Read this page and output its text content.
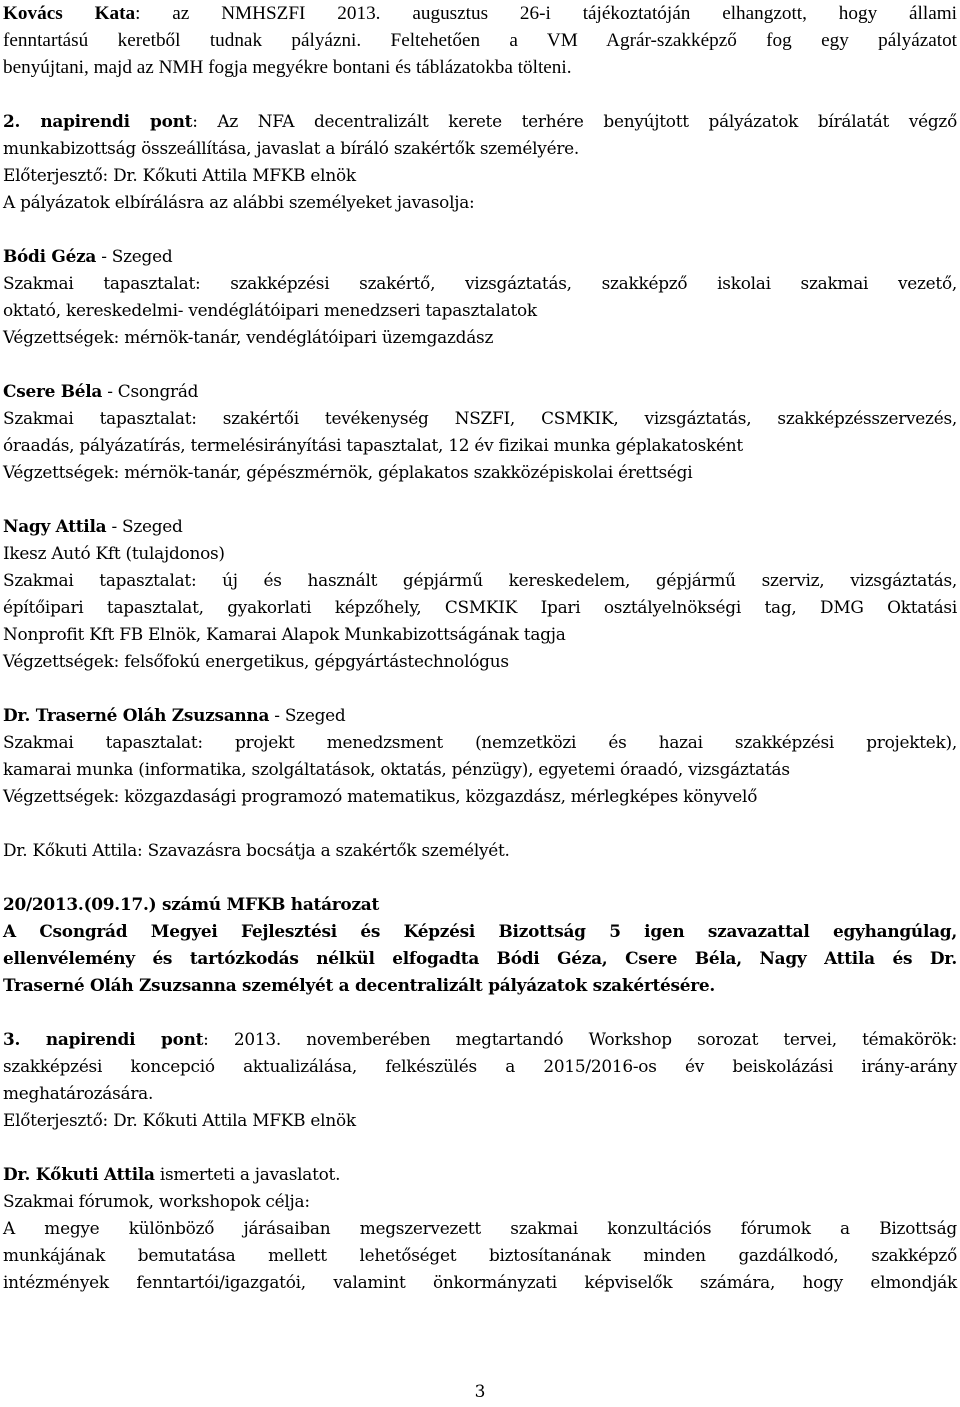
Kovács Kata: az NMHSZFI 2013. augusztus 26-i tájékoztatóján elhangzott, hogy állami

fenntartású keretből tudnak pályázni. Feltehetően a VM Agrár-szakképző fog egy pályázatot

benyújtani, majd az NMH fogja megyékre bontani és táblázatokba tölteni.

2. napirendi pont: Az NFA decentralizált kerete terhére benyújtott pályázatok bírálatát végző

munkabizottság összeállítása, javaslat a bíráló szakértők személyére.

Előterjesztő: Dr. Kőkuti Attila MFKB elnök

A pályázatok elbírálásra az alábbi személyeket javasolja:

Bódi Géza - Szeged

Szakmai tapasztalat: szakképzési szakértő, vizsgáztatás, szakképző iskolai szakmai vezető,

oktató, kereskedelmi- vendéglátóipari menedzseri tapasztalatok

Végzettségek: mérnök-tanár, vendéglátóipari üzemgazdász

Csere Béla - Csongrád

Szakmai tapasztalat: szakértői tevékenység NSZFI, CSMKIK, vizsgáztatás, szakképzésszervezés,

óraadás, pályázatírás, termelésirányítási tapasztalat, 12 év fizikai munka géplakatosként

Végzettségek: mérnök-tanár, gépészmérnök, géplakatos szakközépiskolai érettségi

Nagy Attila - Szeged

Ikesz Autó Kft (tulajdonos)

Szakmai tapasztalat: új és használt gépjármű kereskedelem, gépjármű szerviz, vizsgáztatás,

építőipari tapasztalat, gyakorlati képzőhely, CSMKIK Ipari osztályelnökségi tag, DMG Oktatási

Nonprofit Kft FB Elnök, Kamarai Alapok Munkabizottságának tagja

Végzettségek: felsőfokú energetikus, gépgyártástechnológus

Dr. Traserné Oláh Zsuzsanna - Szeged

Szakmai tapasztalat: projekt menedzsment (nemzetközi és hazai szakképzési projektek),

kamarai munka (informatika, szolgáltatások, oktatás, pénzügy), egyetemi óraadó, vizsgáztatás

Végzettségek: közgazdasági programozó matematikus, közgazdász, mérlegképes könyvelő

Dr. Kőkuti Attila: Szavazásra bocsátja a szakértők személyét.

20/2013.(09.17.) számú MFKB határozat

A Csongrád Megyei Fejlesztési és Képzési Bizottság 5 igen szavazattal egyhangúlag,

ellenvélemény és tartózkodás nélkül elfogadta Bódi Géza, Csere Béla, Nagy Attila és Dr.

Traserné Oláh Zsuzsanna személyét a decentralizált pályázatok szakértésére.

3. napirendi pont: 2013. novemberében megtartandó Workshop sorozat tervei, témakörök:

szakképzési koncepció aktualizálása, felkészülés a 2015/2016-os év beiskolázási irány-arány

meghatározására.

Előterjesztő: Dr. Kőkuti Attila MFKB elnök

Dr. Kőkuti Attila ismerteti a javaslatot.

Szakmai fórumok, workshopok célja:

A megye különböző járásaiban megszervezett szakmai konzultációs fórumok a Bizottság

munkájának bemutatása mellett lehetőséget biztosítanának minden gazdálkodó, szakképző

intézmények fenntartói/igazgatói, valamint önkormányzati képviselők számára, hogy elmondják

3
